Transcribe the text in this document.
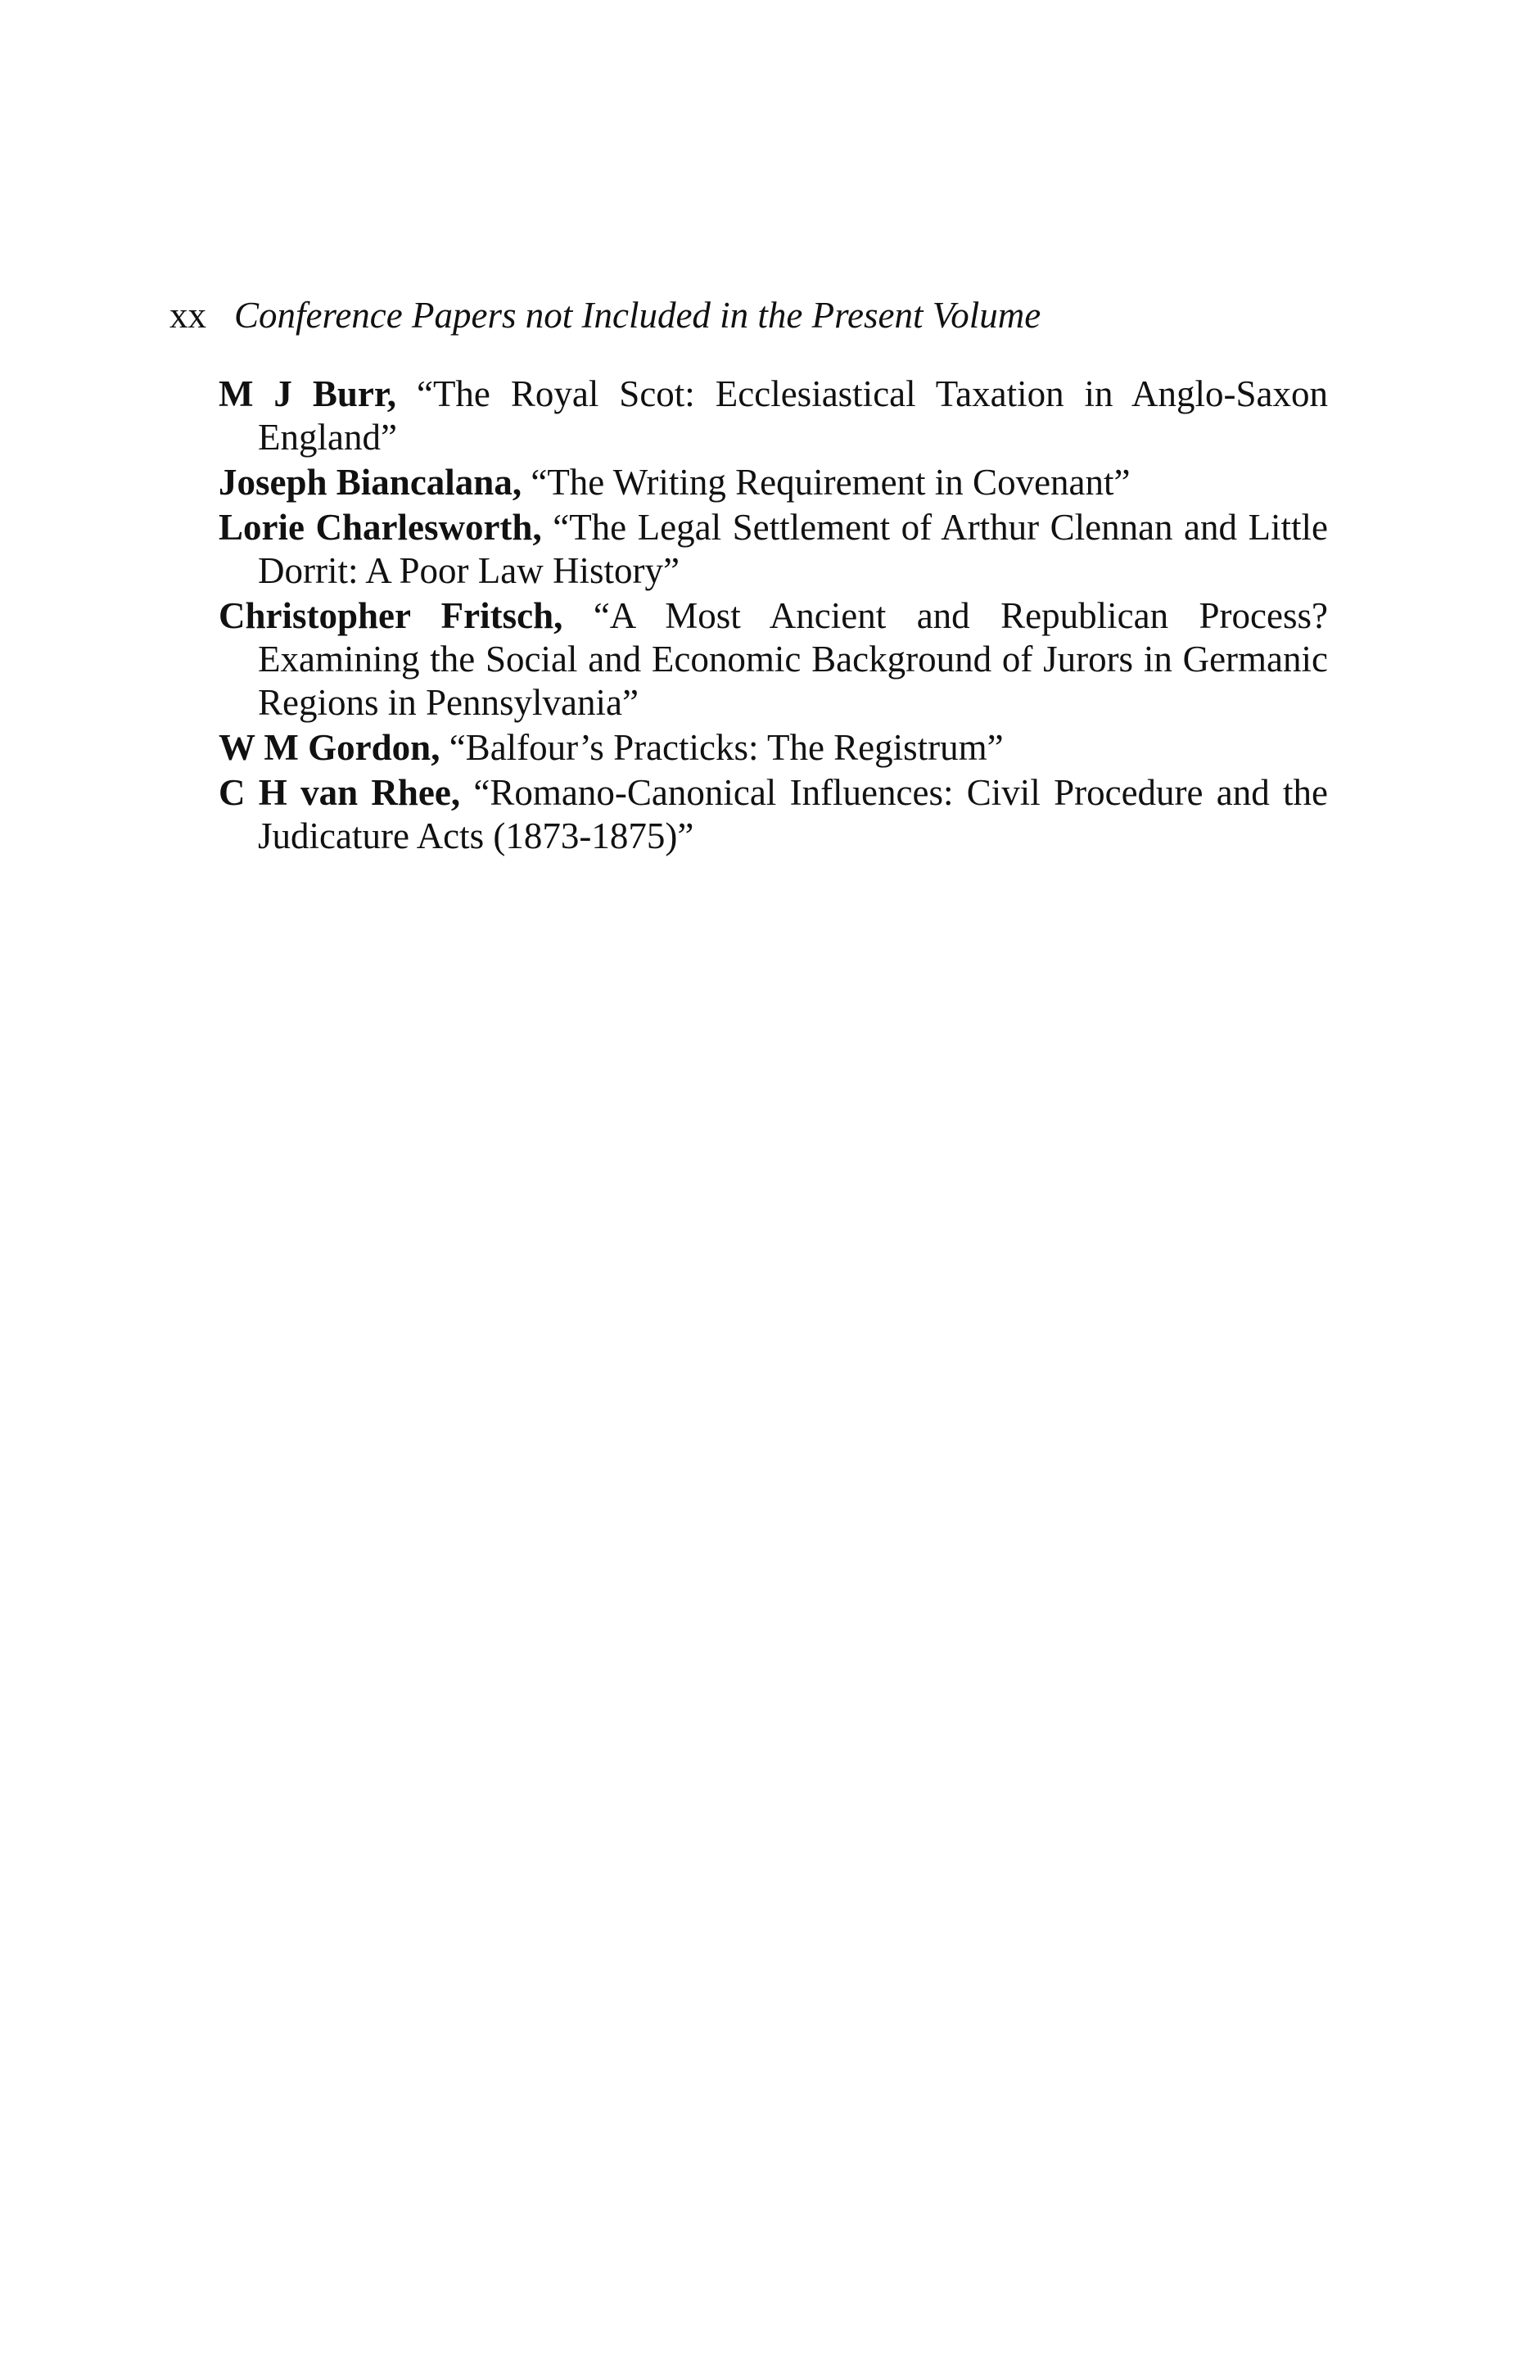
xx Conference Papers not Included in the Present Volume

M J Burr, “The Royal Scot: Ecclesiastical Taxation in Anglo-Saxon England”

Joseph Biancalana, “The Writing Requirement in Covenant”

Lorie Charlesworth, “The Legal Settlement of Arthur Clennan and Little Dorrit: A Poor Law History”

Christopher Fritsch, “A Most Ancient and Republican Process? Examining the Social and Economic Background of Jurors in Germanic Regions in Pennsylvania”

W M Gordon, “Balfour’s Practicks: The Registrum”

C H van Rhee, “Romano-Canonical Influences: Civil Procedure and the Judicature Acts (1873-1875)”
